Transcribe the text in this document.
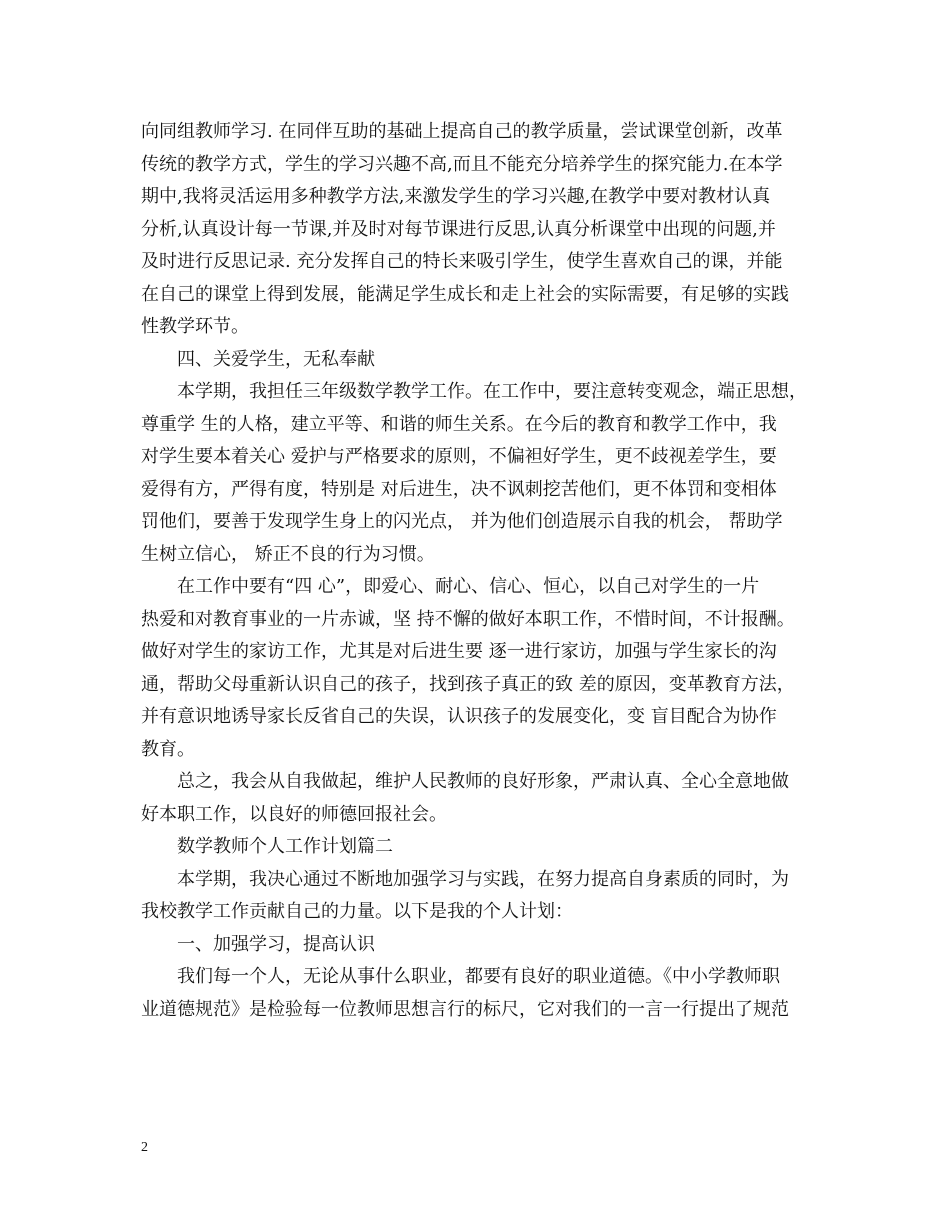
向同组教师学习. 在同伴互助的基础上提高自己的教学质量，尝试课堂创新，改革
传统的教学方式，学生的学习兴趣不高,而且不能充分培养学生的探究能力.在本学
期中,我将灵活运用多种教学方法,来激发学生的学习兴趣,在教学中要对教材认真
分析,认真设计每一节课,并及时对每节课进行反思,认真分析课堂中出现的问题,并
及时进行反思记录. 充分发挥自己的特长来吸引学生，使学生喜欢自己的课，并能
在自己的课堂上得到发展，能满足学生成长和走上社会的实际需要，有足够的实践
性教学环节。
四、关爱学生，无私奉献
本学期，我担任三年级数学教学工作。在工作中，要注意转变观念，端正思想，
尊重学 生的人格，建立平等、和谐的师生关系。在今后的教育和教学工作中，我
对学生要本着关心 爱护与严格要求的原则，不偏袒好学生，更不歧视差学生，要
爱得有方，严得有度，特别是 对后进生，决不讽刺挖苦他们，更不体罚和变相体
罚他们，要善于发现学生身上的闪光点， 并为他们创造展示自我的机会， 帮助学
生树立信心， 矫正不良的行为习惯。
在工作中要有“四 心”，即爱心、耐心、信心、恒心，以自己对学生的一片
热爱和对教育事业的一片赤诚，坚 持不懈的做好本职工作，不惜时间，不计报酬。
做好对学生的家访工作，尤其是对后进生要 逐一进行家访，加强与学生家长的沟
通，帮助父母重新认识自己的孩子，找到孩子真正的致 差的原因，变革教育方法，
并有意识地诱导家长反省自己的失误，认识孩子的发展变化，变 盲目配合为协作
教育。
总之，我会从自我做起，维护人民教师的良好形象，严肃认真、全心全意地做
好本职工作，以良好的师德回报社会。
数学教师个人工作计划篇二
本学期，我决心通过不断地加强学习与实践，在努力提高自身素质的同时，为
我校教学工作贡献自己的力量。以下是我的个人计划：
一、加强学习，提高认识
我们每一个人，无论从事什么职业，都要有良好的职业道德。《中小学教师职
业道德规范》是检验每一位教师思想言行的标尺，它对我们的一言一行提出了规范
2
